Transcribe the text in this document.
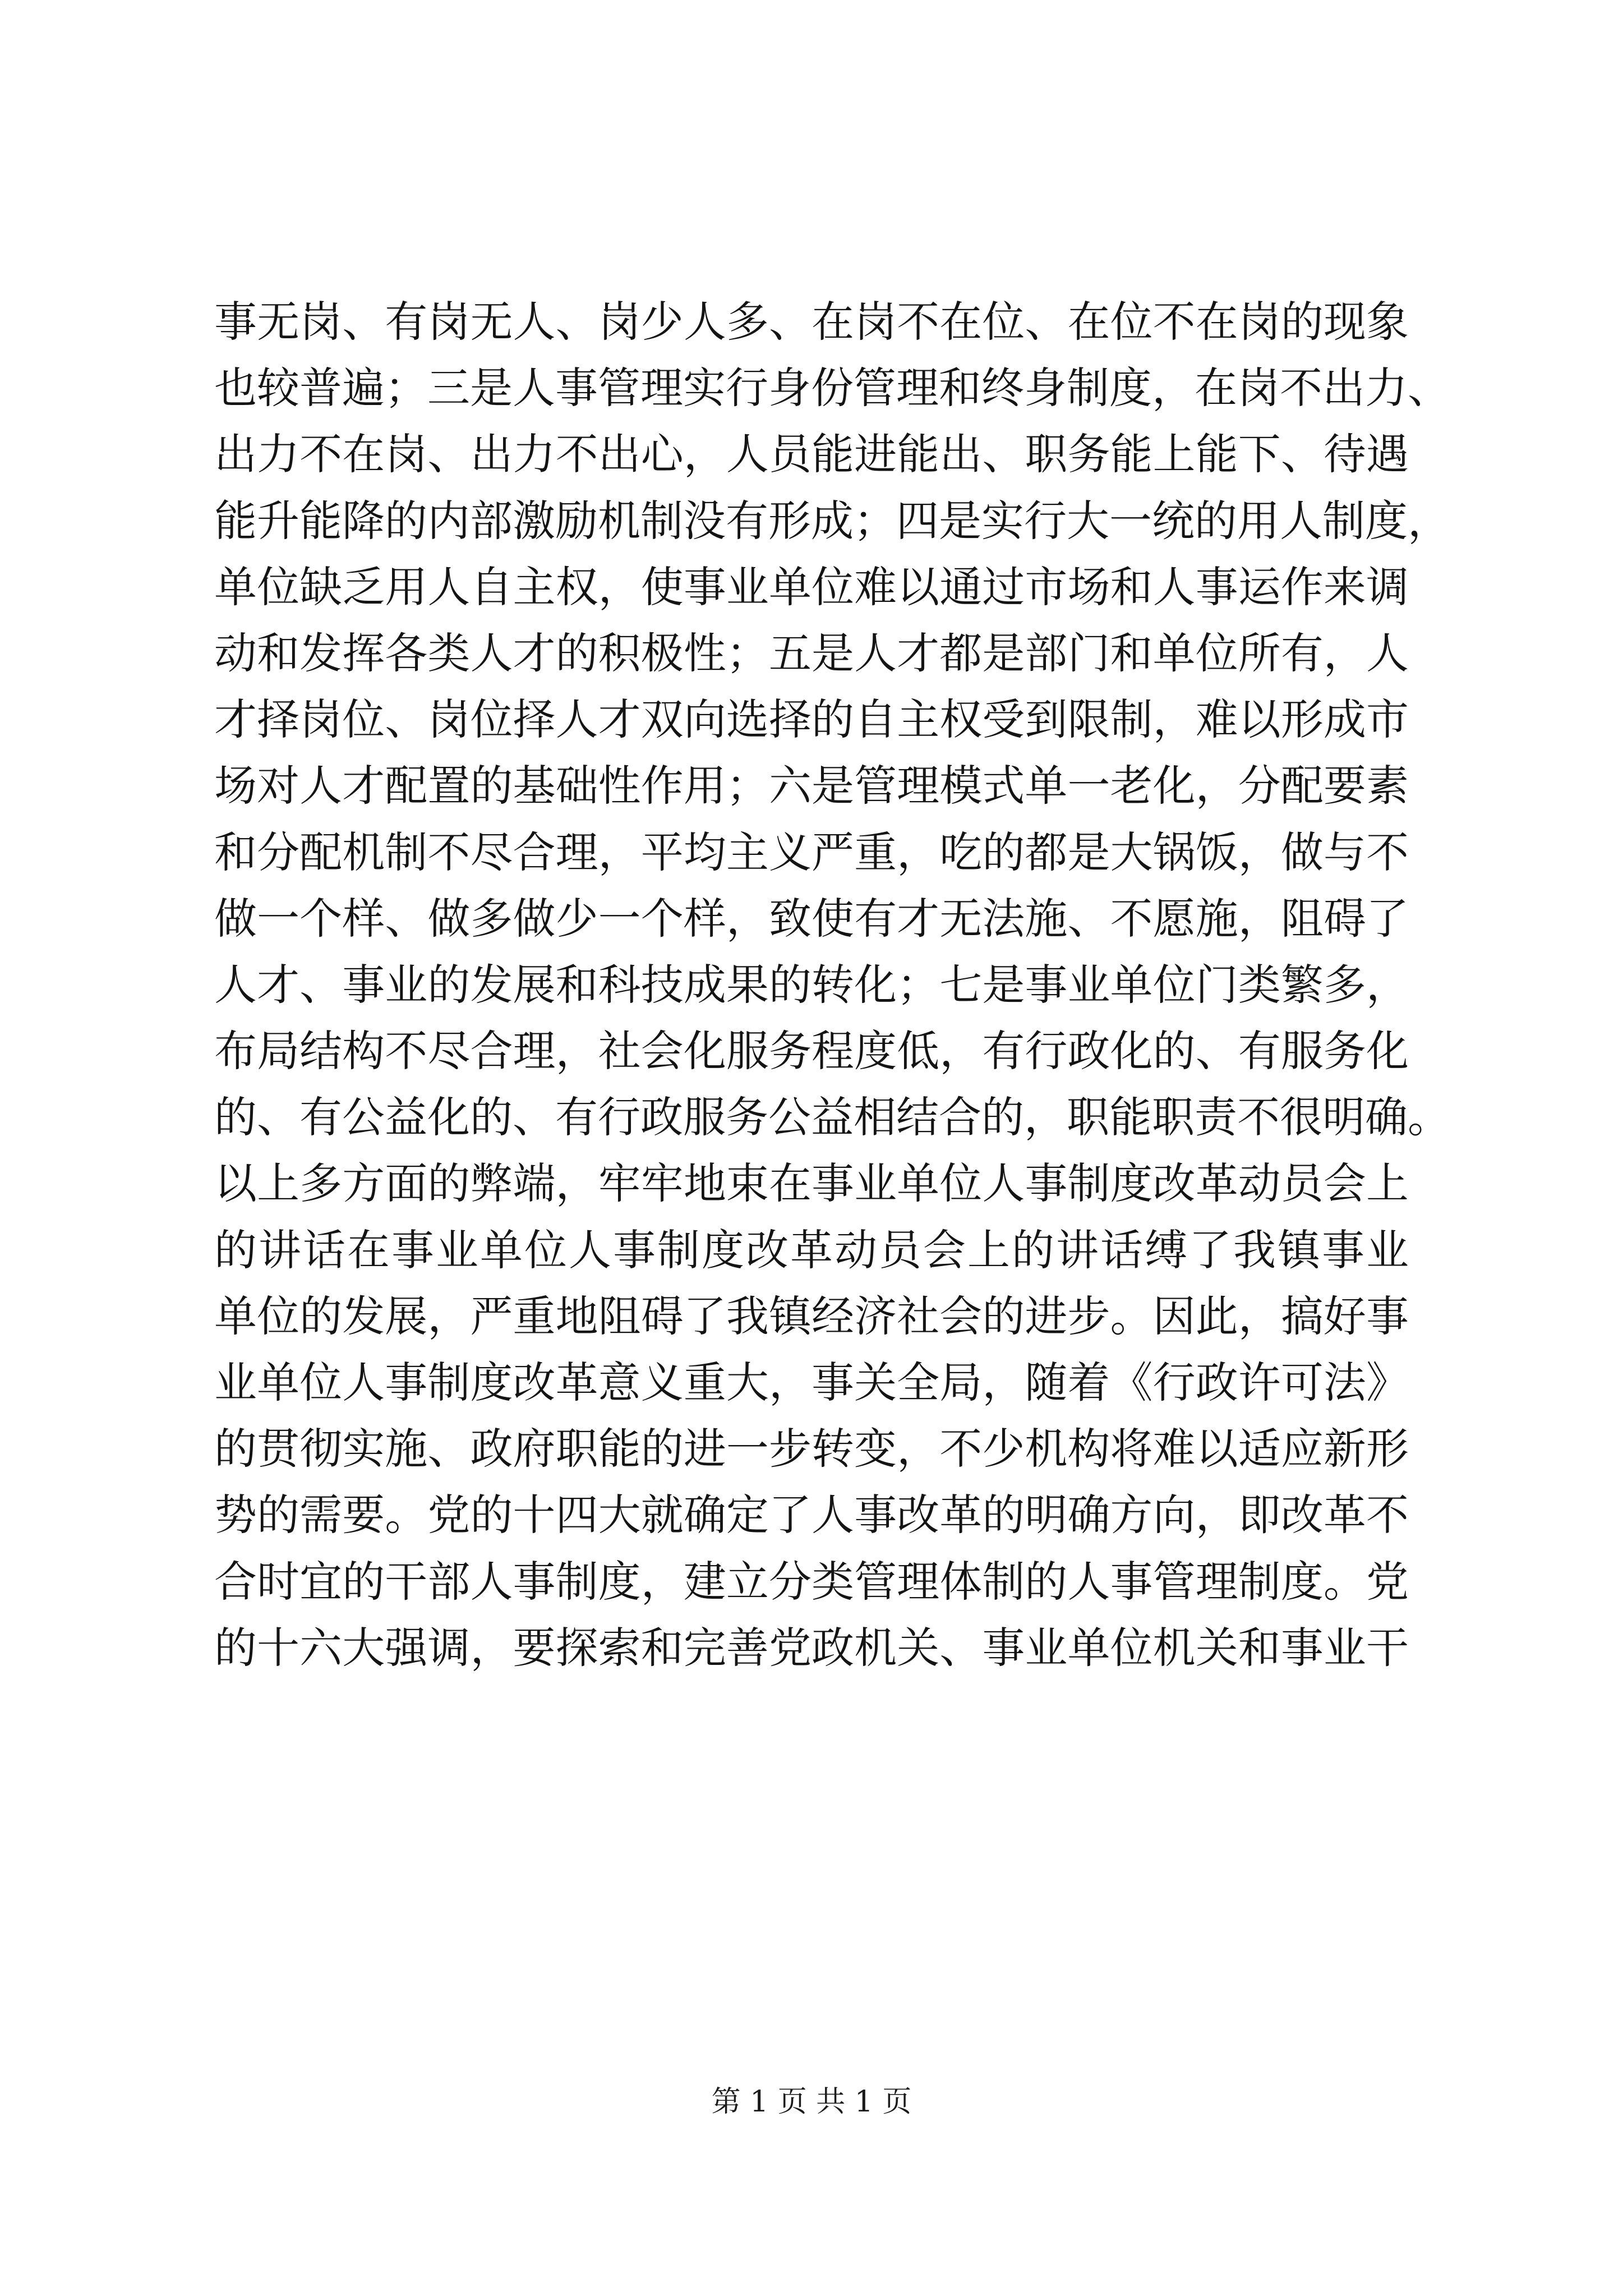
事无岗、有岗无人、岗少人多、在岗不在位、在位不在岗的现象
也较普遍；三是人事管理实行身份管理和终身制度，在岗不出力、
出力不在岗、出力不出心，人员能进能出、职务能上能下、待遇
能升能降的内部激励机制没有形成；四是实行大一统的用人制度，
单位缺乏用人自主权，使事业单位难以通过市场和人事运作来调
动和发挥各类人才的积极性；五是人才都是部门和单位所有，人
才择岗位、岗位择人才双向选择的自主权受到限制，难以形成市
场对人才配置的基础性作用；六是管理模式单一老化，分配要素
和分配机制不尽合理，平均主义严重，吃的都是大锅饭，做与不
做一个样、做多做少一个样，致使有才无法施、不愿施，阻碍了
人才、事业的发展和科技成果的转化；七是事业单位门类繁多，
布局结构不尽合理，社会化服务程度低，有行政化的、有服务化
的、有公益化的、有行政服务公益相结合的，职能职责不很明确。
以上多方面的弊端，牢牢地束在事业单位人事制度改革动员会上
的讲话在事业单位人事制度改革动员会上的讲话缚了我镇事业
单位的发展，严重地阻碍了我镇经济社会的进步。因此，搞好事
业单位人事制度改革意义重大，事关全局，随着《行政许可法》
的贯彻实施、政府职能的进一步转变，不少机构将难以适应新形
势的需要。党的十四大就确定了人事改革的明确方向，即改革不
合时宜的干部人事制度，建立分类管理体制的人事管理制度。党
的十六大强调，要探索和完善党政机关、事业单位机关和事业干
第 1 页 共 1 页
